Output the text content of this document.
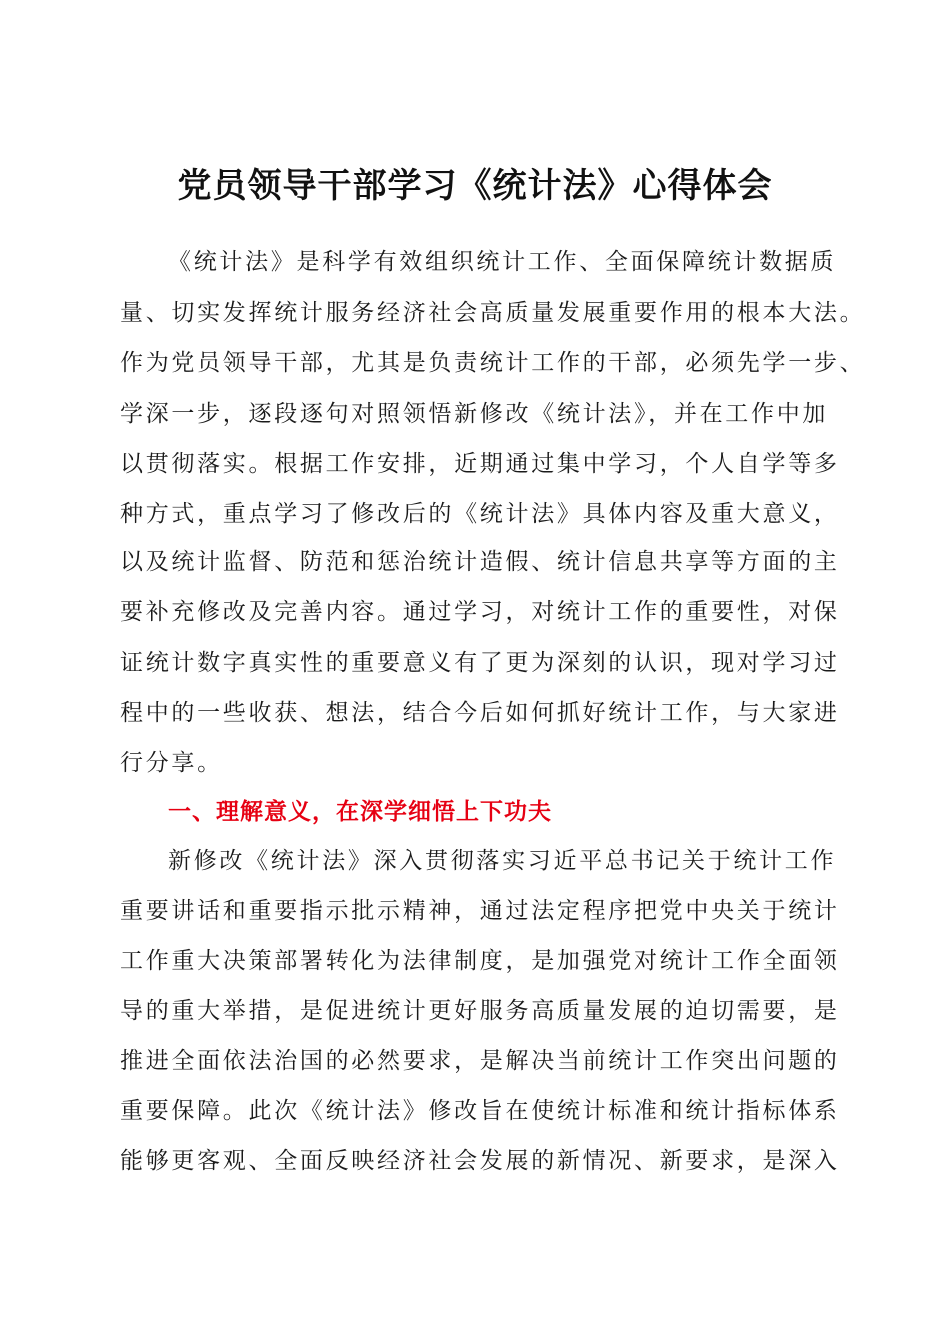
党员领导干部学习《统计法》心得体会
《统计法》是科学有效组织统计工作、全面保障统计数据质
量、切实发挥统计服务经济社会高质量发展重要作用的根本大法。
作为党员领导干部，尤其是负责统计工作的干部，必须先学一步、
学深一步，逐段逐句对照领悟新修改《统计法》，并在工作中加
以贯彻落实。根据工作安排，近期通过集中学习，个人自学等多
种方式，重点学习了修改后的《统计法》具体内容及重大意义，
以及统计监督、防范和惩治统计造假、统计信息共享等方面的主
要补充修改及完善内容。通过学习，对统计工作的重要性，对保
证统计数字真实性的重要意义有了更为深刻的认识，现对学习过
程中的一些收获、想法，结合今后如何抓好统计工作，与大家进
行分享。
一、理解意义，在深学细悟上下功夫
新修改《统计法》深入贯彻落实习近平总书记关于统计工作
重要讲话和重要指示批示精神，通过法定程序把党中央关于统计
工作重大决策部署转化为法律制度，是加强党对统计工作全面领
导的重大举措，是促进统计更好服务高质量发展的迫切需要，是
推进全面依法治国的必然要求，是解决当前统计工作突出问题的
重要保障。此次《统计法》修改旨在使统计标准和统计指标体系
能够更客观、全面反映经济社会发展的新情况、新要求，是深入
